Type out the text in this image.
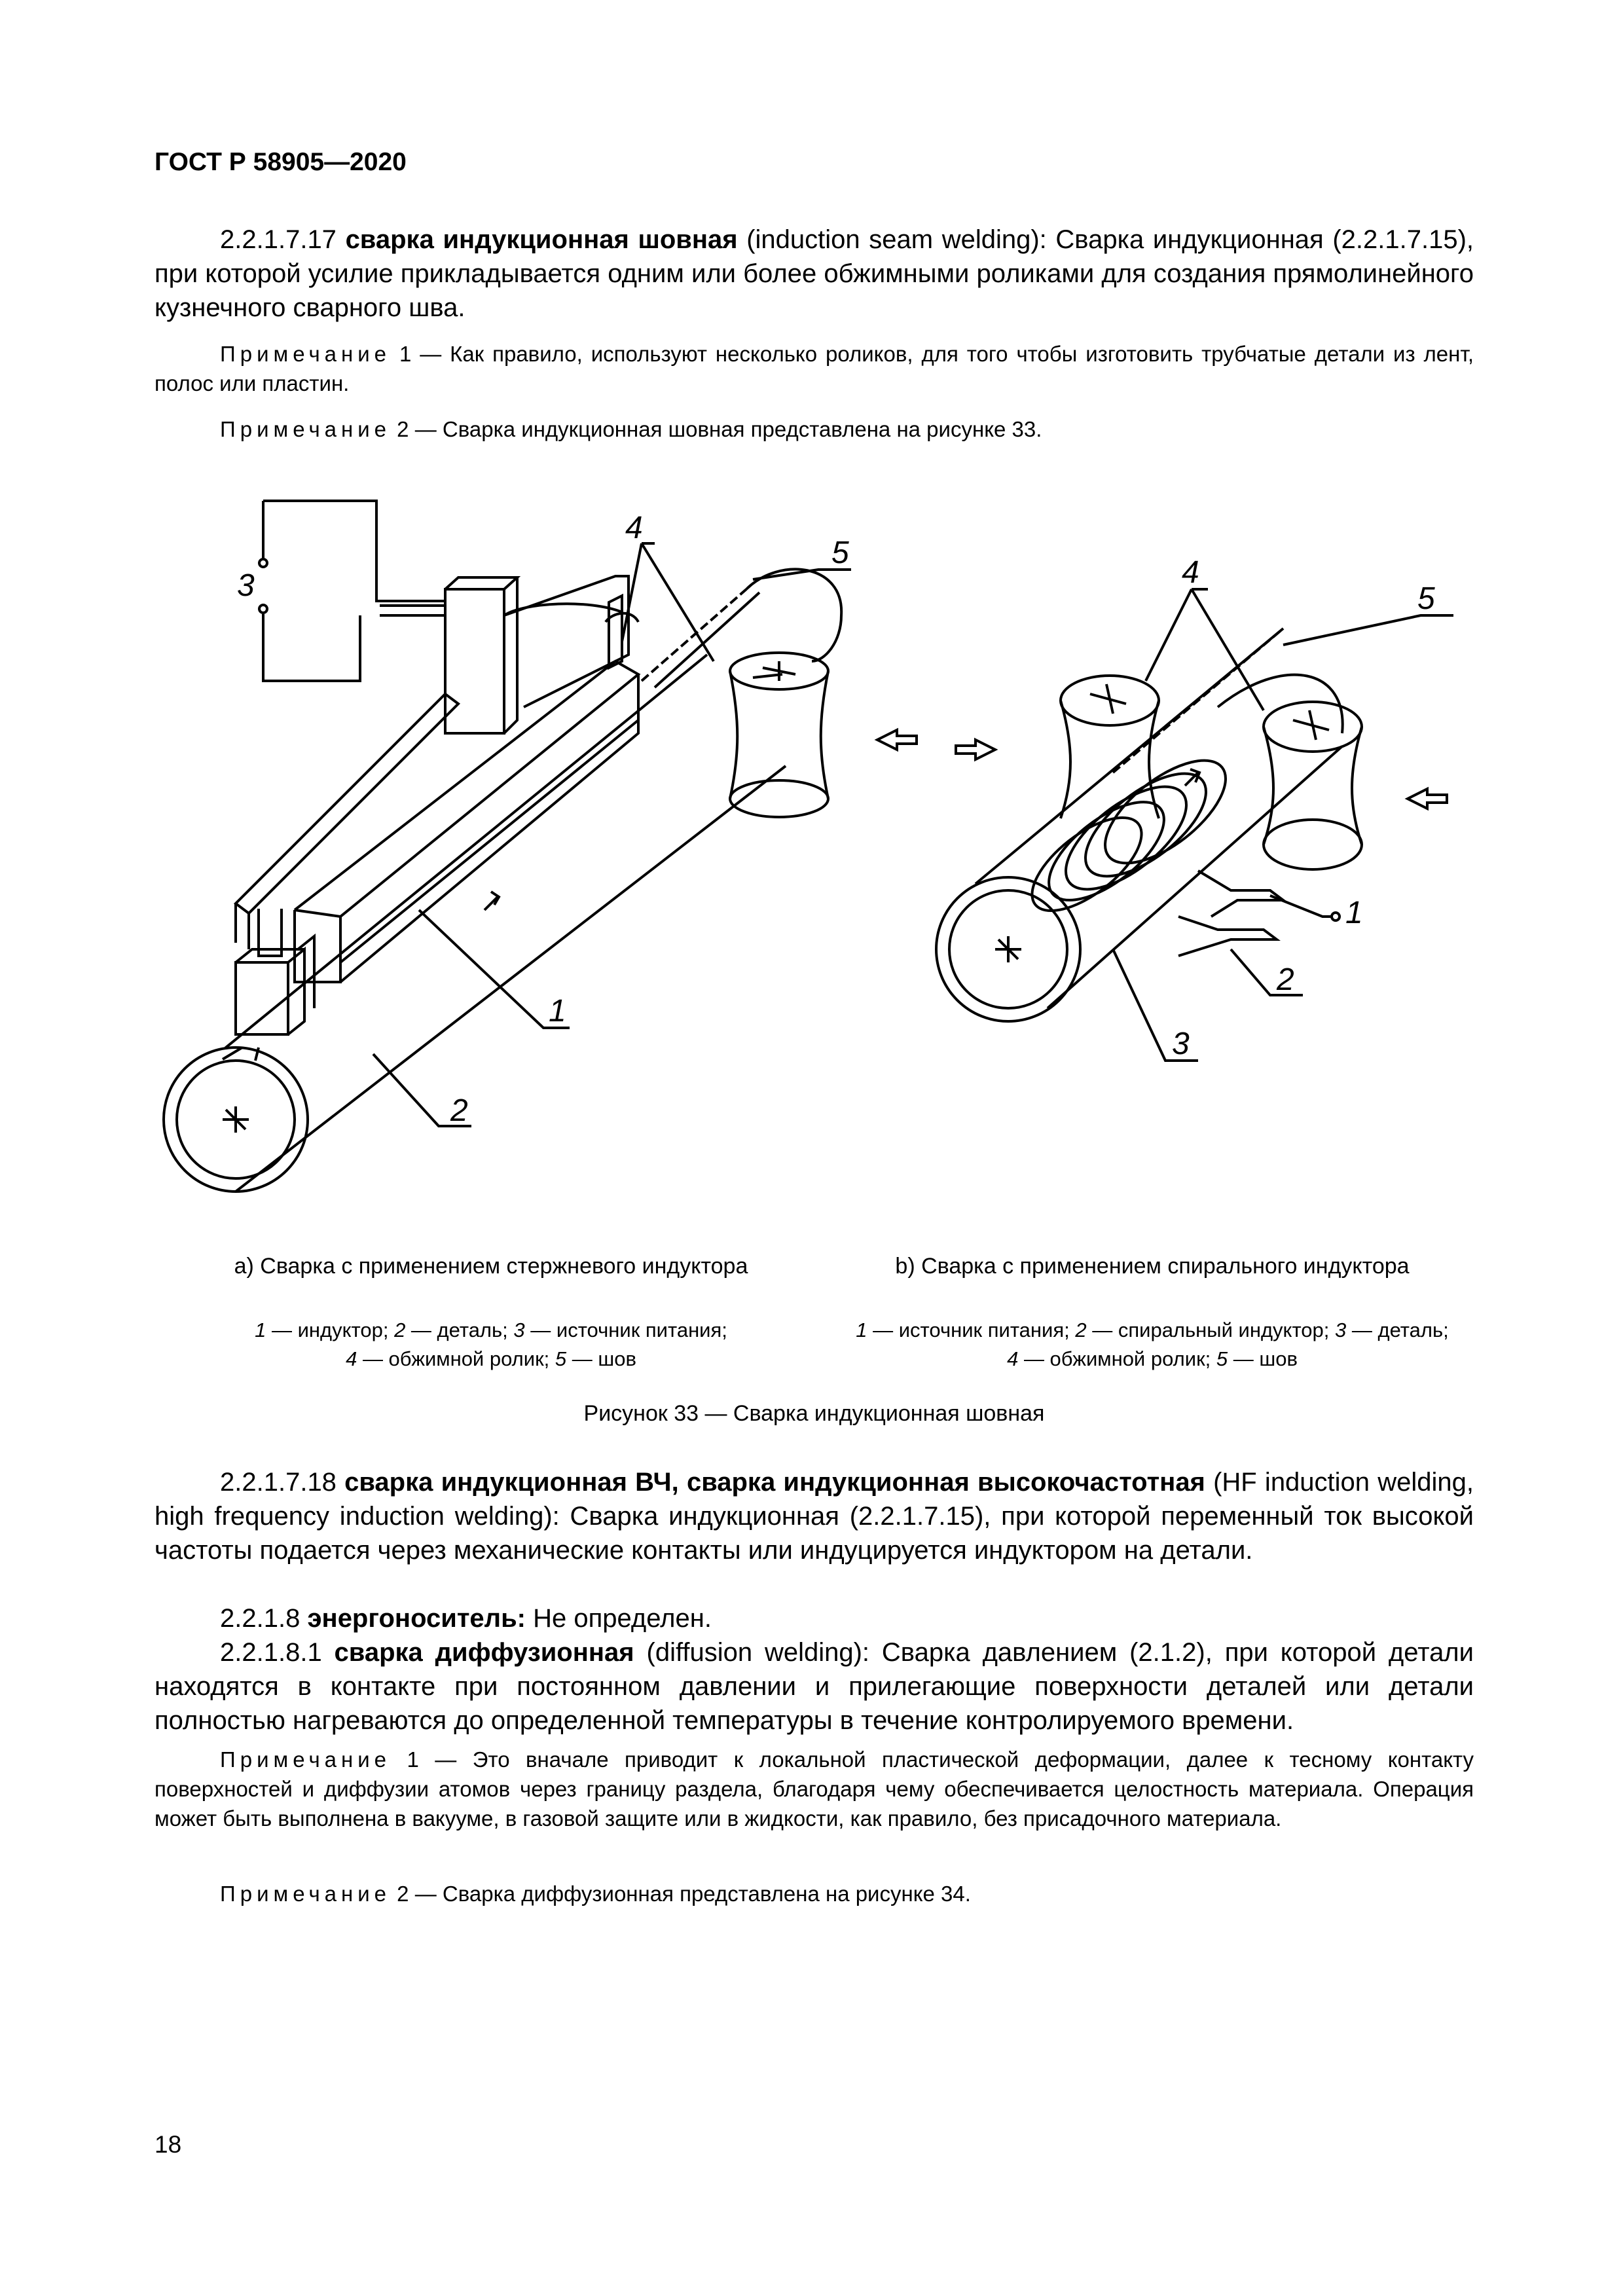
ГОСТ Р 58905—2020
2.2.1.7.17 сварка индукционная шовная (induction seam welding): Сварка индукционная (2.2.1.7.15), при которой усилие прикладывается одним или более обжимными роликами для создания прямолинейного кузнечного сварного шва.
Примечание 1 — Как правило, используют несколько роликов, для того чтобы изготовить трубчатые детали из лент, полос или пластин.
Примечание 2 — Сварка индукционная шовная представлена на рисунке 33.
3
4
5
1
2
4
5
1
2
3
а) Сварка с применением стержневого индуктора	b) Сварка с применением спирального индуктора
1 — индуктор; 2 — деталь; 3 — источник питания;
4 — обжимной ролик; 5 — шов
1 — источник питания; 2 — спиральный индуктор; 3 — деталь;
4 — обжимной ролик; 5 — шов
Рисунок 33 — Сварка индукционная шовная
2.2.1.7.18 сварка индукционная ВЧ, сварка индукционная высокочастотная (HF induction welding, high frequency induction welding): Сварка индукционная (2.2.1.7.15), при которой переменный ток высокой частоты подается через механические контакты или индуцируется индуктором на детали.
2.2.1.8 энергоноситель: Не определен.
2.2.1.8.1 сварка диффузионная (diffusion welding): Сварка давлением (2.1.2), при которой детали находятся в контакте при постоянном давлении и прилегающие поверхности деталей или детали полностью нагреваются до определенной температуры в течение контролируемого времени.
Примечание 1 — Это вначале приводит к локальной пластической деформации, далее к тесному контакту поверхностей и диффузии атомов через границу раздела, благодаря чему обеспечивается целостность материала. Операция может быть выполнена в вакууме, в газовой защите или в жидкости, как правило, без присадочного материала.
Примечание 2 — Сварка диффузионная представлена на рисунке 34.
18
